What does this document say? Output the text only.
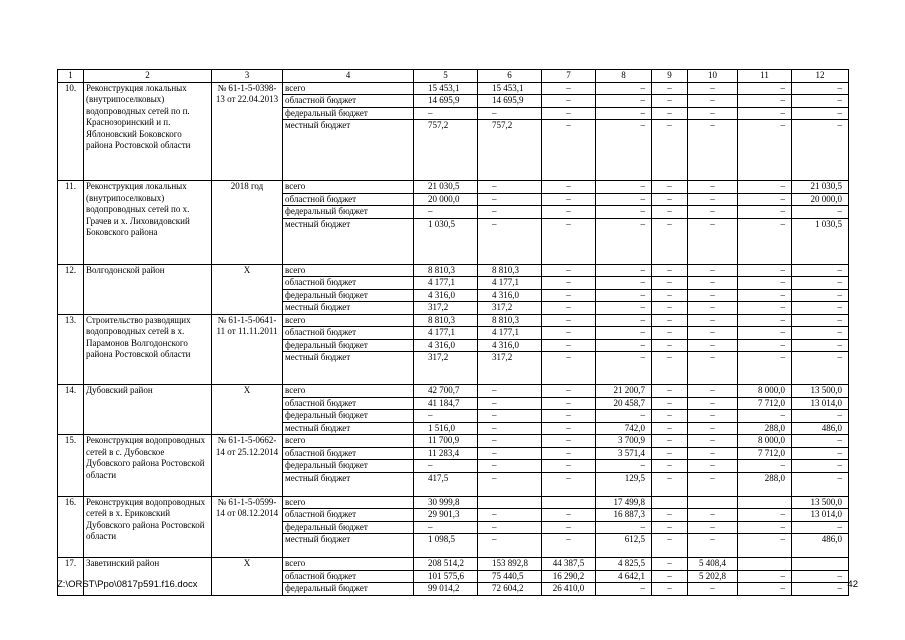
1	2	3	4	5	6	7	8	9	10	11	12
10.	Реконструкция локальных (внутрипоселковых) водопроводных сетей по п. Краснозоринский и п. Яблоновский Боковского района Ростовской области	№ 61-1-5-0398-13 от 22.04.2013	всего	15 453,1	15 453,1	–	–	–	–	–	–
			областной бюджет	14 695,9	14 695,9	–	–	–	–	–	–
			федеральный бюджет	–	–	–	–	–	–	–	–
			местный бюджет	757,2	757,2	–	–	–	–	–	–
11.	Реконструкция локальных (внутрипоселковых) водопроводных сетей по х. Грачев и х. Лиховидовский Боковского района	2018 год	всего	21 030,5	–	–	–	–	–	–	21 030,5
			областной бюджет	20 000,0	–	–	–	–	–	–	20 000,0
			федеральный бюджет	–	–	–	–	–	–	–	–
			местный бюджет	1 030,5	–	–	–	–	–	–	1 030,5
12.	Волгодонской район	Х	всего	8 810,3	8 810,3	–	–	–	–	–	–
			областной бюджет	4 177,1	4 177,1	–	–	–	–	–	–
			федеральный бюджет	4 316,0	4 316,0	–	–	–	–	–	–
			местный бюджет	317,2	317,2	–	–	–	–	–	–
13.	Строительство разводящих водопроводных сетей в х. Парамонов Волгодонского района Ростовской области	№ 61-1-5-0641-11 от 11.11.2011	всего	8 810,3	8 810,3	–	–	–	–	–	–
			областной бюджет	4 177,1	4 177,1	–	–	–	–	–	–
			федеральный бюджет	4 316,0	4 316,0	–	–	–	–	–	–
			местный бюджет	317,2	317,2	–	–	–	–	–	–
14.	Дубовский район	Х	всего	42 700,7	–	–	21 200,7	–	–	8 000,0	13 500,0
			областной бюджет	41 184,7	–	–	20 458,7	–	–	7 712,0	13 014,0
			федеральный бюджет	–	–	–	–	–	–	–	–
			местный бюджет	1 516,0	–	–	742,0	–	–	288,0	486,0
15.	Реконструкция водопроводных сетей в с. Дубовское Дубовского района Ростовской области	№ 61-1-5-0662-14 от 25.12.2014	всего	11 700,9	–	–	3 700,9	–	–	8 000,0	–
			областной бюджет	11 283,4	–	–	3 571,4	–	–	7 712,0	–
			федеральный бюджет	–	–	–	–	–	–	–	–
			местный бюджет	417,5	–	–	129,5	–	–	288,0	–
16.	Реконструкция водопроводных сетей в х. Ериковский Дубовского района Ростовской области	№ 61-1-5-0599-14 от 08.12.2014	всего	30 999,8			17 499,8				13 500,0
			областной бюджет	29 901,3	–	–	16 887,3	–	–	–	13 014,0
			федеральный бюджет	–	–	–	–	–	–	–	–
			местный бюджет	1 098,5	–	–	612,5	–	–	–	486,0
17.	Заветинский район	Х	всего	208 514,2	153 892,8	44 387,5	4 825,5	–	5 408,4		
			областной бюджет	101 575,6	75 440,5	16 290,2	4 642,1	–	5 202,8	–	–
			федеральный бюджет	99 014,2	72 604,2	26 410,0	–	–	–	–	–
Z:\ORST\Ppo\0817p591.f16.docx	42
